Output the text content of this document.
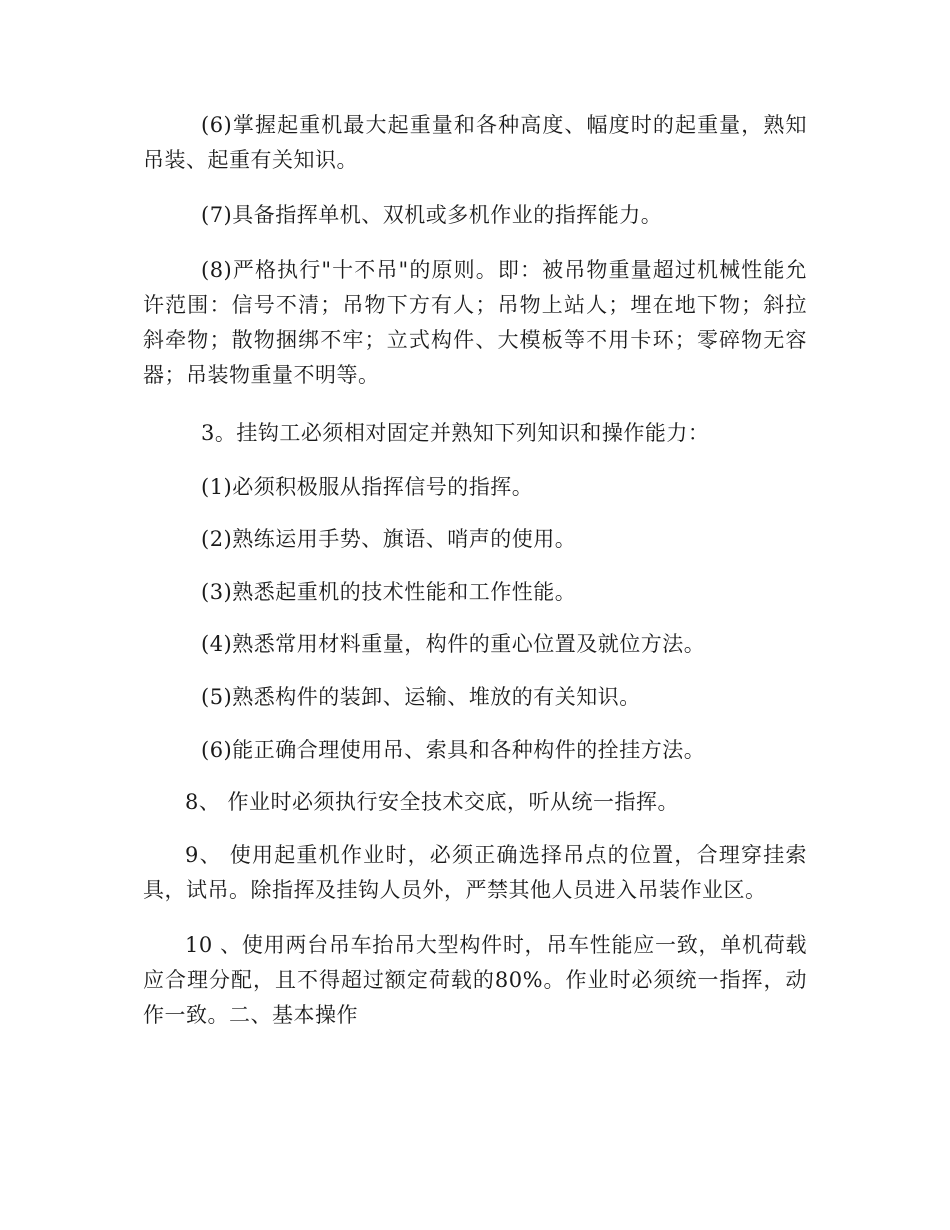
(6)掌握起重机最大起重量和各种高度、幅度时的起重量，熟知吊装、起重有关知识。

(7)具备指挥单机、双机或多机作业的指挥能力。

(8)严格执行"十不吊"的原则。即：被吊物重量超过机械性能允许范围：信号不清；吊物下方有人；吊物上站人；埋在地下物；斜拉斜牵物；散物捆绑不牢；立式构件、大模板等不用卡环；零碎物无容器；吊装物重量不明等。

3。挂钩工必须相对固定并熟知下列知识和操作能力：

(1)必须积极服从指挥信号的指挥。

(2)熟练运用手势、旗语、哨声的使用。

(3)熟悉起重机的技术性能和工作性能。

(4)熟悉常用材料重量，构件的重心位置及就位方法。

(5)熟悉构件的装卸、运输、堆放的有关知识。

(6)能正确合理使用吊、索具和各种构件的拴挂方法。

8、 作业时必须执行安全技术交底，听从统一指挥。

9、 使用起重机作业时，必须正确选择吊点的位置，合理穿挂索具，试吊。除指挥及挂钩人员外，严禁其他人员进入吊装作业区。

10 、使用两台吊车抬吊大型构件时，吊车性能应一致，单机荷载应合理分配，且不得超过额定荷载的80%。作业时必须统一指挥，动作一致。二、基本操作
